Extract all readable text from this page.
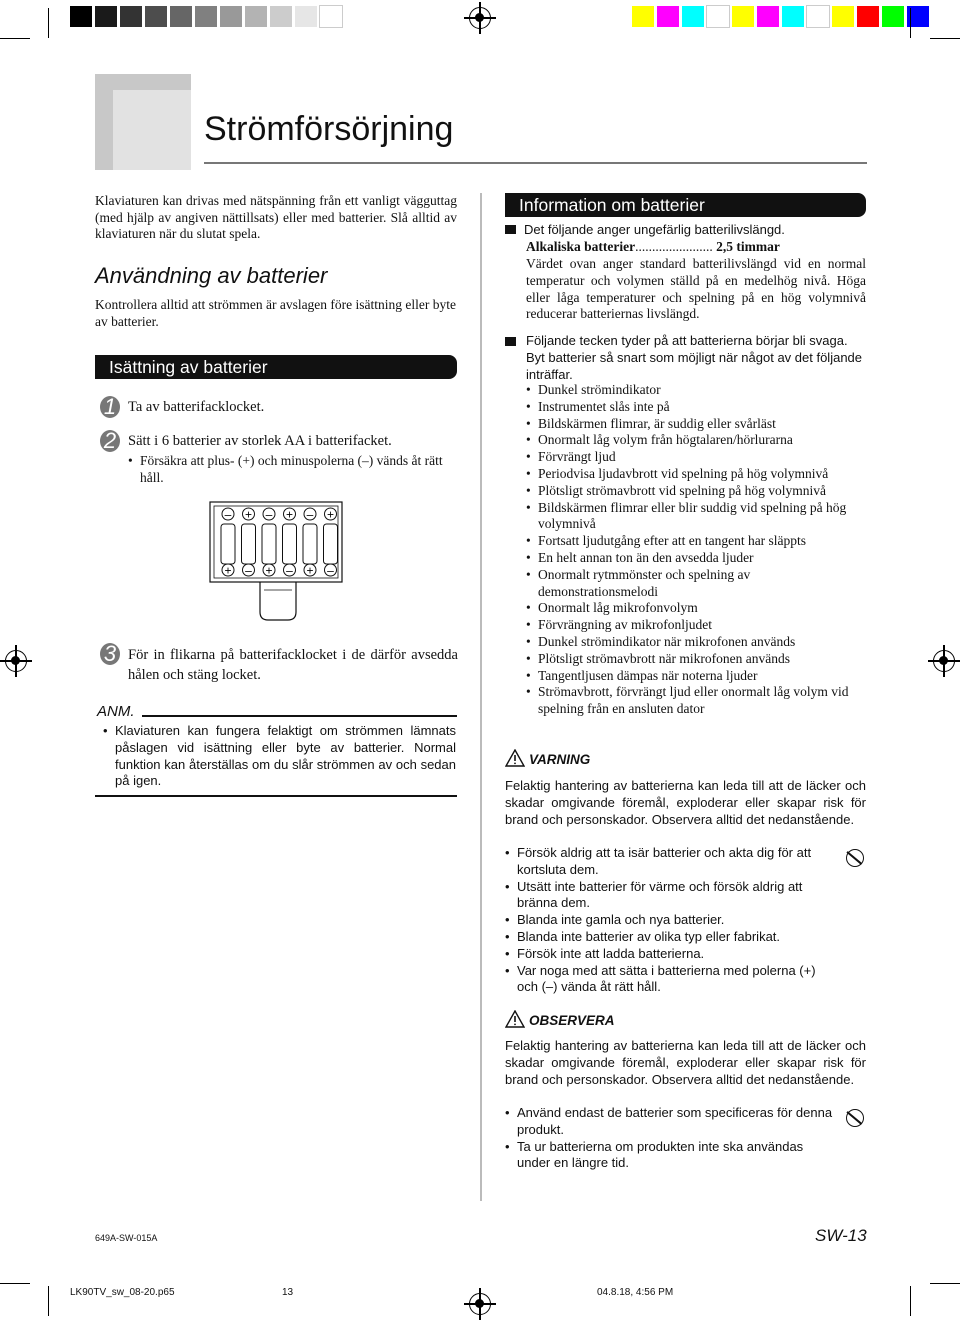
Strömförsörjning
Klaviaturen kan drivas med nätspänning från ett vanligt vägguttag (med hjälp av angiven nättillsats) eller med batterier. Slå alltid av klaviaturen när du slutat spela.
Användning av batterier
Kontrollera alltid att strömmen är avslagen före isättning eller byte av batterier.
Isättning av batterier
1 Ta av batterifacklocket.
2 Sätt i 6 batterier av storlek AA i batterifacket.
• Försäkra att plus- (+) och minuspolerna (–) vänds åt rätt håll.
–
+
+
–
–
+
+
–
–
+
+
–
3 För in flikarna på batterifacklocket i de därför avsedda hålen och stäng locket.
ANM.
• Klaviaturen kan fungera felaktigt om strömmen lämnats påslagen vid isättning eller byte av batterier. Normal funktion kan återställas om du slår strömmen av och sedan på igen.
Information om batterier
Det följande anger ungefärlig batterilivslängd.
Alkaliska batterier....................... 2,5 timmar
Värdet ovan anger standard batterilivslängd vid en normal temperatur och volymen ställd på en medelhög nivå. Höga eller låga temperaturer och spelning på en hög volymnivå reducerar batteriernas livslängd.
Följande tecken tyder på att batterierna börjar bli svaga. Byt batterier så snart som möjligt när något av det följande inträffar.
• Dunkel strömindikator
• Instrumentet slås inte på
• Bildskärmen flimrar, är suddig eller svårläst
• Onormalt låg volym från högtalaren/hörlurarna
• Förvrängt ljud
• Periodvisa ljudavbrott vid spelning på hög volymnivå
• Plötsligt strömavbrott vid spelning på hög volymnivå
• Bildskärmen flimrar eller blir suddig vid spelning på hög volymnivå
• Fortsatt ljudutgång efter att en tangent har släppts
• En helt annan ton än den avsedda ljuder
• Onormalt rytmmönster och spelning av demonstrationsmelodi
• Onormalt låg mikrofonvolym
• Förvrängning av mikrofonljudet
• Dunkel strömindikator när mikrofonen används
• Plötsligt strömavbrott när mikrofonen används
• Tangentljusen dämpas när noterna ljuder
• Strömavbrott, förvrängt ljud eller onormalt låg volym vid spelning från en ansluten dator
VARNING
Felaktig hantering av batterierna kan leda till att de läcker och skadar omgivande föremål, exploderar eller skapar risk för brand och personskador. Observera alltid det nedanstående.
• Försök aldrig att ta isär batterier och akta dig för att kortsluta dem.
• Utsätt inte batterier för värme och försök aldrig att bränna dem.
• Blanda inte gamla och nya batterier.
• Blanda inte batterier av olika typ eller fabrikat.
• Försök inte att ladda batterierna.
• Var noga med att sätta i batterierna med polerna (+) och (–) vända åt rätt håll.
OBSERVERA
Felaktig hantering av batterierna kan leda till att de läcker och skadar omgivande föremål, exploderar eller skapar risk för brand och personskador. Observera alltid det nedanstående.
• Använd endast de batterier som specificeras för denna produkt.
• Ta ur batterierna om produkten inte ska användas under en längre tid.
649A-SW-015A	SW-13
LK90TV_sw_08-20.p65	13	04.8.18, 4:56 PM
